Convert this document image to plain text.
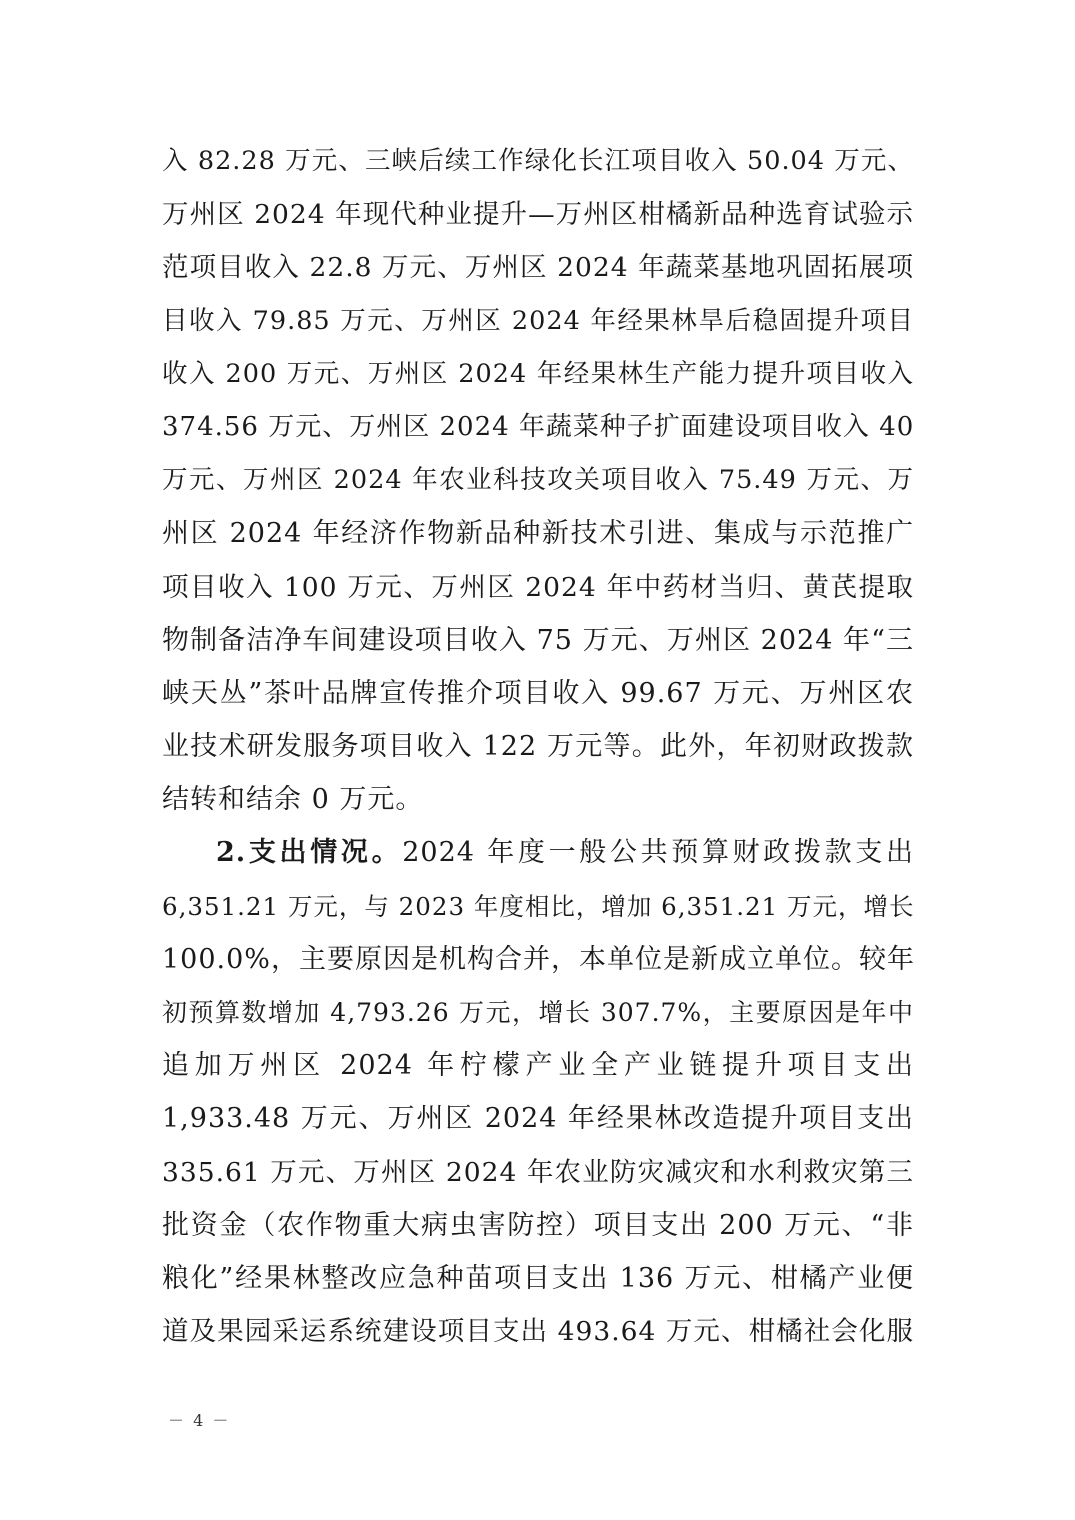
入 82.28 万元、三峡后续工作绿化长江项目收入 50.04 万元、
万州区 2024 年现代种业提升—万州区柑橘新品种选育试验示
范项目收入 22.8 万元、万州区 2024 年蔬菜基地巩固拓展项
目收入 79.85 万元、万州区 2024 年经果林旱后稳固提升项目
收入 200 万元、万州区 2024 年经果林生产能力提升项目收入
374.56 万元、万州区 2024 年蔬菜种子扩面建设项目收入 40
万元、万州区 2024 年农业科技攻关项目收入 75.49 万元、万
州区 2024 年经济作物新品种新技术引进、集成与示范推广
项目收入 100 万元、万州区 2024 年中药材当归、黄芪提取
物制备洁净车间建设项目收入 75 万元、万州区 2024 年“三
峡天丛”茶叶品牌宣传推介项目收入 99.67 万元、万州区农
业技术研发服务项目收入 122 万元等。此外，年初财政拨款
结转和结余 0 万元。
2.支出情况。2024 年度一般公共预算财政拨款支出
6,351.21 万元，与 2023 年度相比，增加 6,351.21 万元，增长
100.0%，主要原因是机构合并，本单位是新成立单位。较年
初预算数增加 4,793.26 万元，增长 307.7%，主要原因是年中
追加万州区 2024 年柠檬产业全产业链提升项目支出
1,933.48 万元、万州区 2024 年经果林改造提升项目支出
335.61 万元、万州区 2024 年农业防灾减灾和水利救灾第三
批资金（农作物重大病虫害防控）项目支出 200 万元、“非
粮化”经果林整改应急种苗项目支出 136 万元、柑橘产业便
道及果园采运系统建设项目支出 493.64 万元、柑橘社会化服
－ 4 －
